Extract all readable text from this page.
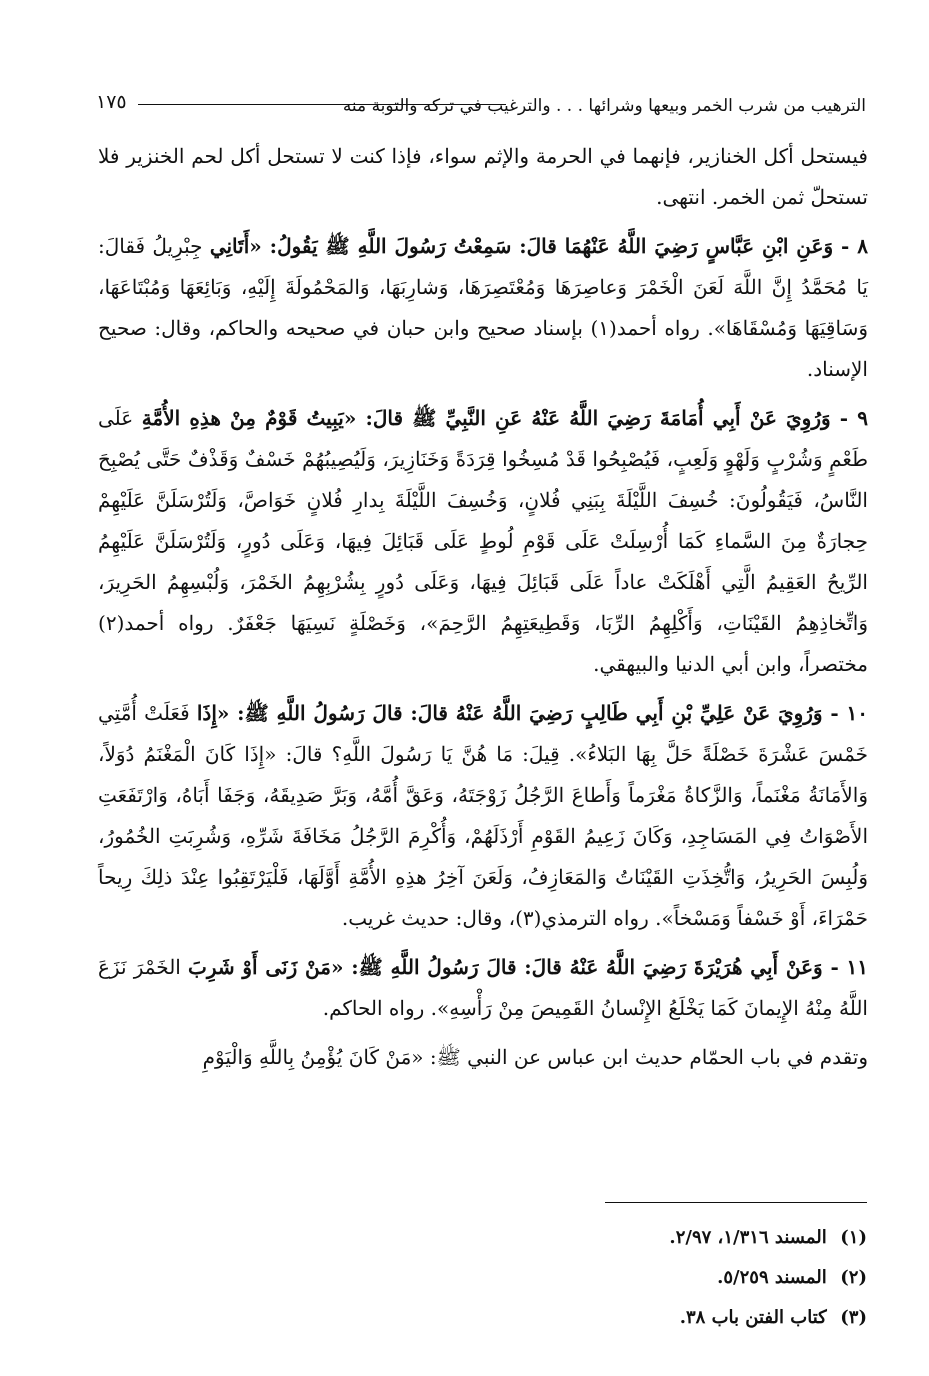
الترهيب من شرب الخمر وبيعها وشرائها . . . والترغيب في تركه والتوبة منه
١٧٥

فيستحل أكل الخنازير، فإنهما في الحرمة والإثم سواء، فإذا كنت لا تستحل أكل لحم الخنزير فلا تستحلّ ثمن الخمر. انتهى.

٨ - وَعَنِ ابْنِ عَبَّاسٍ رَضِيَ اللَّهُ عَنْهُمَا قالَ: سَمِعْتُ رَسُولَ اللَّهِ ﷺ يَقُولُ: «أَتَانِي جِبْرِيلُ فَقالَ: يَا مُحَمَّدُ إِنَّ اللَّهَ لَعَنَ الْخَمْرَ وَعاصِرَهَا وَمُعْتَصِرَهَا، وَشارِبَهَا، وَالمَحْمُولَةَ إِلَيْهِ، وَبَائِعَهَا وَمُبْتَاعَهَا، وَسَاقِيَهَا وَمُسْقَاهَا». رواه أحمد(١) بإسناد صحيح وابن حبان في صحيحه والحاكم، وقال: صحيح الإسناد.

٩ - وَرُوِيَ عَنْ أَبِي أُمَامَةَ رَضِيَ اللَّهُ عَنْهُ عَنِ النَّبِيِّ ﷺ قالَ: «يَبِيتُ قَوْمٌ مِنْ هذِهِ الأُمَّةِ عَلَى طَعْمٍ وَشُرْبٍ وَلَهْوٍ وَلَعِبٍ، فَيُصْبِحُوا قَدْ مُسِخُوا قِرَدَةً وَخَنَازِيرَ، وَلَيُصِيبُهُمْ خَسْفٌ وَقَذْفٌ حَتَّى يُصْبِحَ النَّاسُ، فَيَقُولُونَ: خُسِفَ اللَّيْلَةَ بِبَنِي فُلانٍ، وَخُسِفَ اللَّيْلَةَ بِدارِ فُلانٍ خَوَاصَّ، وَلَتُرْسَلَنَّ عَلَيْهِمْ حِجارَةٌ مِنَ السَّماءِ كَمَا أُرْسِلَتْ عَلَى قَوْمِ لُوطٍ عَلَى قَبَائِلَ فِيهَا، وَعَلَى دُورٍ، وَلَتُرْسَلَنَّ عَلَيْهِمُ الرِّيحُ العَقِيمُ الَّتِي أَهْلَكَتْ عاداً عَلَى قَبَائِلَ فِيهَا، وَعَلَى دُورٍ بِشُرْبِهِمُ الخَمْرَ، وَلُبْسِهِمُ الحَرِيرَ، وَاتِّخاذِهِمُ القَيْنَاتِ، وَأَكْلِهِمُ الرِّبَا، وَقَطِيعَتِهِمُ الرَّحِمَ»، وَخَصْلَةٍ نَسِيَهَا جَعْفَرٌ. رواه أحمد(٢) مختصراً، وابن أبي الدنيا والبيهقي.

١٠ - وَرُوِيَ عَنْ عَلِيِّ بْنِ أَبِي طَالِبٍ رَضِيَ اللَّهُ عَنْهُ قالَ: قالَ رَسُولُ اللَّهِ ﷺ: «إِذَا فَعَلَتْ أُمَّتِي خَمْسَ عَشْرَةَ خَصْلَةً حَلَّ بِهَا البَلاءُ». قِيلَ: مَا هُنَّ يَا رَسُولَ اللَّهِ؟ قالَ: «إِذَا كَانَ الْمَغْنَمُ دُوَلاً، وَالأَمَانَةُ مَغْنَماً، وَالزَّكاةُ مَغْرَماً وَأَطاعَ الرَّجُلُ زَوْجَتَهُ، وَعَقَّ أُمَّهُ، وَبَرَّ صَدِيقَهُ، وَجَفَا أَبَاهُ، وَارْتَفَعَتِ الأَصْوَاتُ فِي المَسَاجِدِ، وَكَانَ زَعِيمُ القَوْمِ أَرْذَلَهُمْ، وَأُكْرِمَ الرَّجُلُ مَخَافَةَ شَرِّهِ، وَشُرِبَتِ الخُمُورُ، وَلُبِسَ الحَرِيرُ، وَاتُّخِذَتِ القَيْنَاتُ وَالمَعَازِفُ، وَلَعَنَ آخِرُ هذِهِ الأُمَّةِ أَوَّلَهَا، فَلْيَرْتَقِبُوا عِنْدَ ذلِكَ رِيحاً حَمْرَاءَ، أَوْ خَسْفاً وَمَسْخاً». رواه الترمذي(٣)، وقال: حديث غريب.

١١ - وَعَنْ أَبِي هُرَيْرَةَ رَضِيَ اللَّهُ عَنْهُ قالَ: قالَ رَسُولُ اللَّهِ ﷺ: «مَنْ زَنَى أَوْ شَرِبَ الخَمْرَ نَزَعَ اللَّهُ مِنْهُ الإِيمانَ كَمَا يَخْلَعُ الإِنْسانُ القَمِيصَ مِنْ رَأْسِهِ». رواه الحاكم.

وتقدم في باب الحمّام حديث ابن عباس عن النبي ﷺ: «مَنْ كَانَ يُؤْمِنُ بِاللَّهِ وَالْيَوْمِ

(١) المسند ١/٣١٦، ٢/٩٧.
(٢) المسند ٥/٢٥٩.
(٣) كتاب الفتن باب ٣٨.
